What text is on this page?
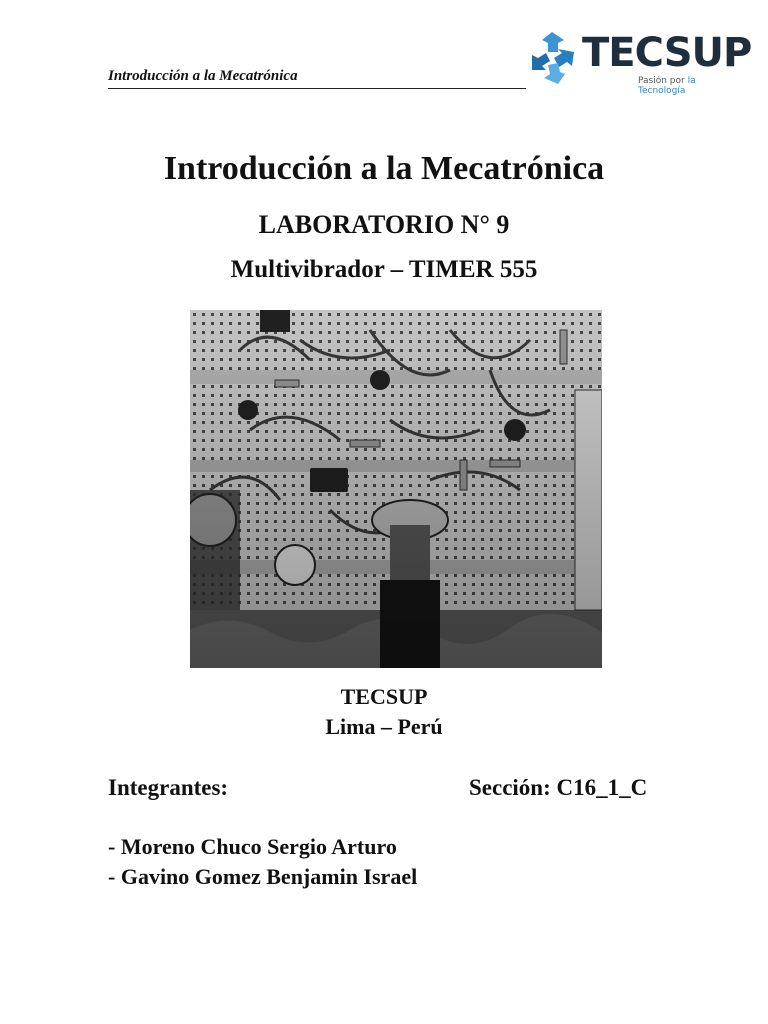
Introducción a la Mecatrónica	TECSUP
Pasión por la Tecnología
Introducción a la Mecatrónica
LABORATORIO N° 9
Multivibrador – TIMER 555
TECSUP
Lima – Perú
Integrantes:	Sección: C16_1_C
- Moreno Chuco Sergio Arturo
- Gavino Gomez Benjamin Israel
